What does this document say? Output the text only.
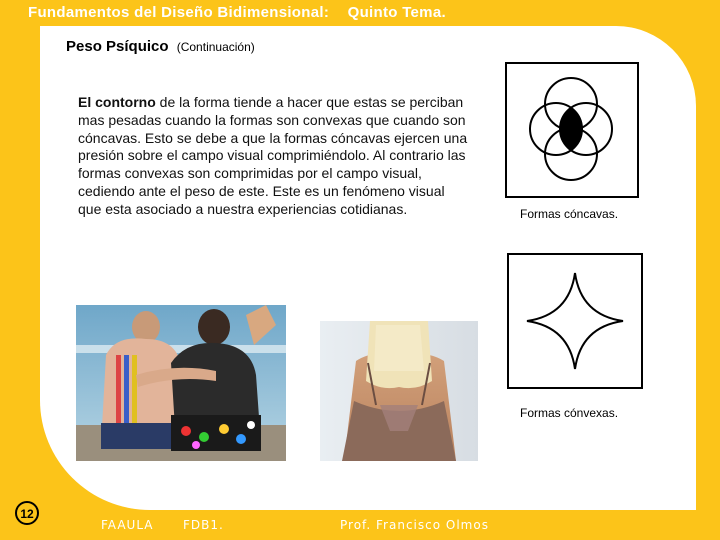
Fundamentos del Diseño Bidimensional: Quinto Tema.
Peso Psíquico (Continuación)
El contorno de la forma tiende a hacer que estas se perciban mas pesadas cuando la formas son convexas que cuando son cóncavas. Esto se debe a que la formas cóncavas ejercen una presión sobre el campo visual comprimiéndolo. Al contrario las formas convexas son comprimidas por el campo visual, cediendo ante el peso de este. Este es un fenómeno visual que esta asociado a nuestra experiencias cotidianas.	Formas cóncavas.
Formas cónvexas.
12
FAAULA FDB1.	Prof. Francisco Olmos
